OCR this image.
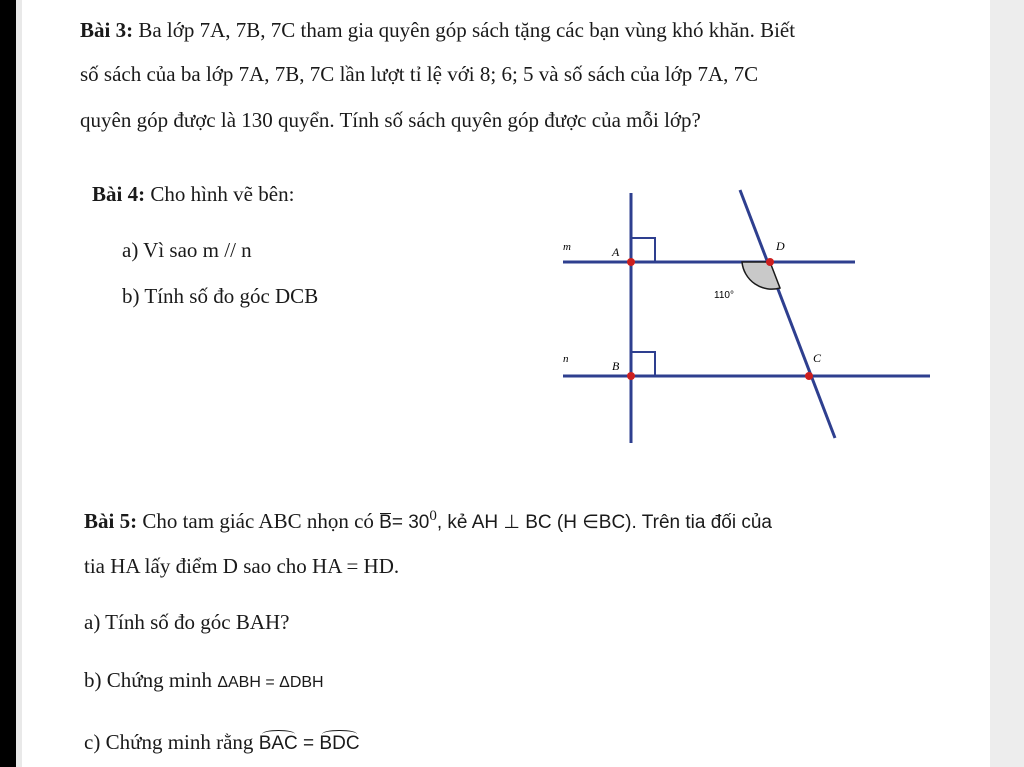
Bài 3: Ba lớp 7A, 7B, 7C tham gia quyên góp sách tặng các bạn vùng khó khăn. Biết
số sách của ba lớp 7A, 7B, 7C lần lượt tỉ lệ với 8; 6; 5 và số sách của lớp 7A, 7C
quyên góp được là 130 quyển. Tính số sách quyên góp được của mỗi lớp?
Bài 4: Cho hình vẽ bên:
a) Vì sao m // n
b) Tính số đo góc DCB
m
n
A
B
D
C
110°
Bài 5: Cho tam giác ABC nhọn có $B= 30^0$, kẻ AH ⊥ BC (H ∈BC). Trên tia đối của
tia HA lấy điểm D sao cho HA = HD.
a) Tính số đo góc BAH?
b) Chứng minh ΔABH = ΔDBH
c) Chứng minh rằng BAC = BDC
